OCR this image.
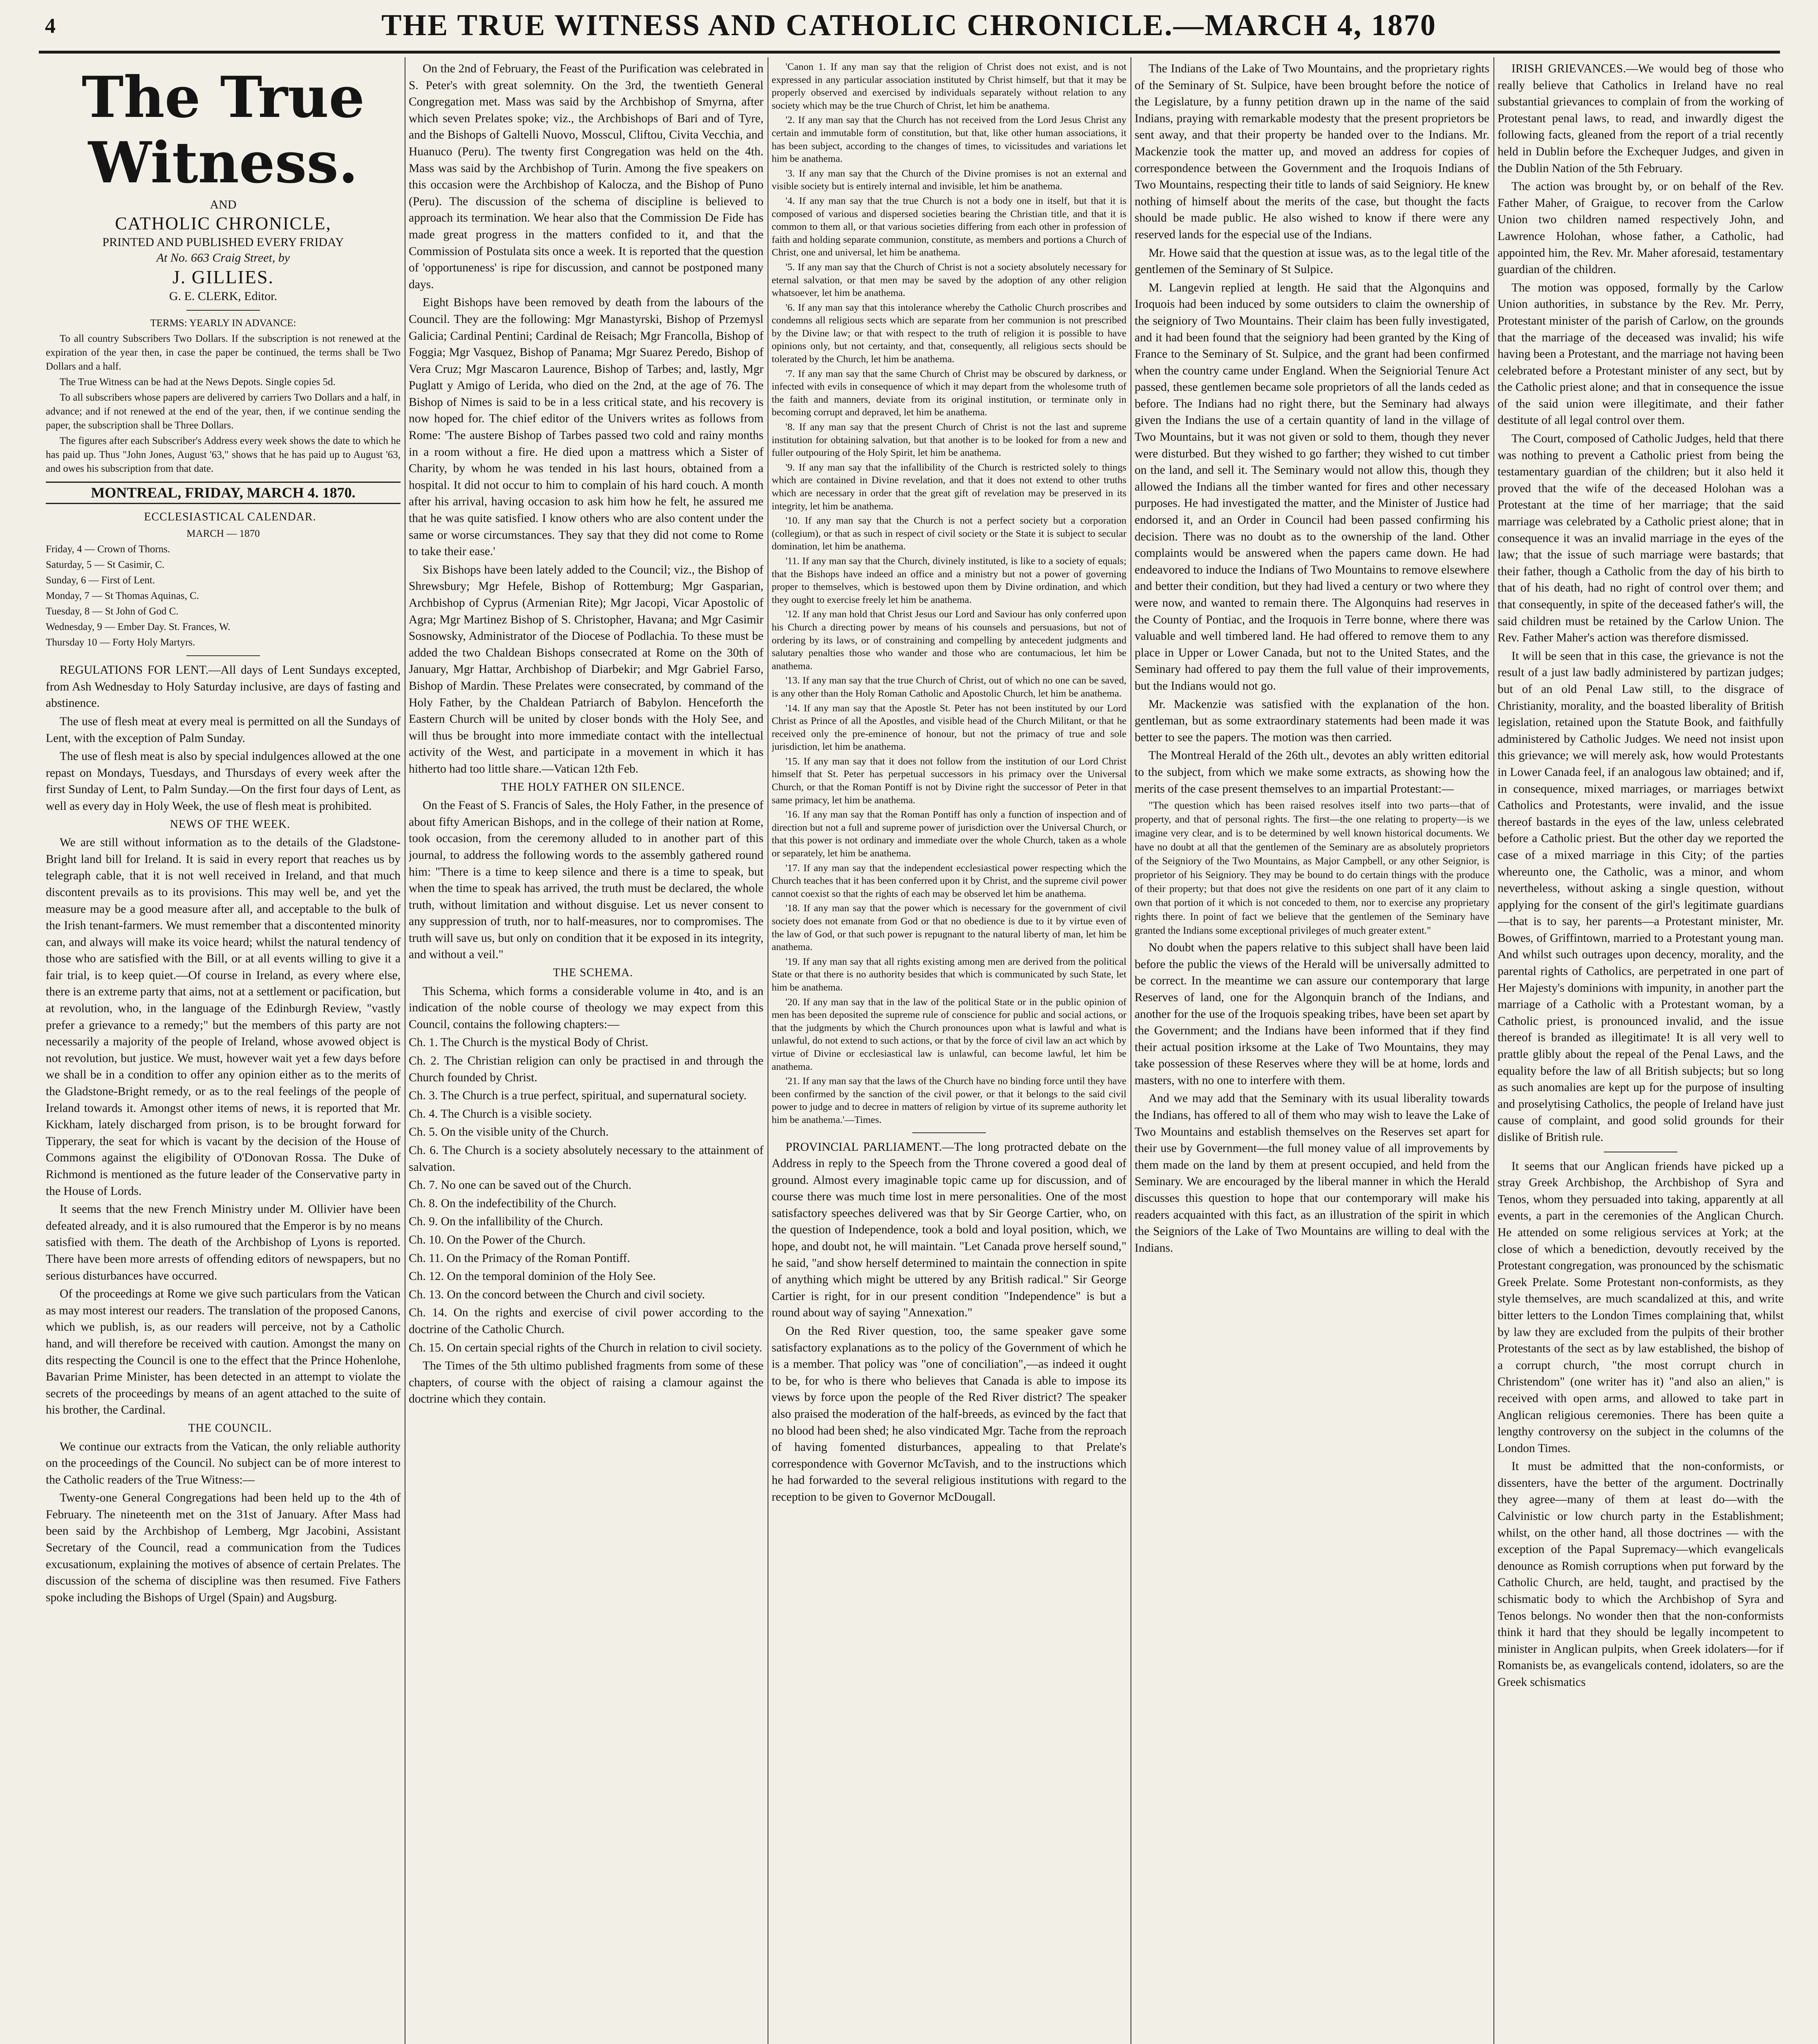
4	THE TRUE WITNESS AND CATHOLIC CHRONICLE.—MARCH 4, 1870
The True Witness.
AND
CATHOLIC CHRONICLE,
PRINTED AND PUBLISHED EVERY FRIDAY
At No. 663 Craig Street, by
J. GILLIES.
G. E. CLERK, Editor.

TERMS: YEARLY IN ADVANCE:

To all country Subscribers Two Dollars. If the subscription is not renewed at the expiration of the year then, in case the paper be continued, the terms shall be Two Dollars and a half.

The True Witness can be had at the News Depots. Single copies 5d.

To all subscribers whose papers are delivered by carriers Two Dollars and a half, in advance; and if not renewed at the end of the year, then, if we continue sending the paper, the subscription shall be Three Dollars.

The figures after each Subscriber's Address every week shows the date to which he has paid up. Thus "John Jones, August '63," shows that he has paid up to August '63, and owes his subscription from that date.

MONTREAL, FRIDAY, MARCH 4. 1870.

ECCLESIASTICAL CALENDAR.

MARCH — 1870

Friday, 4 — Crown of Thorns.

Saturday, 5 — St Casimir, C.

Sunday, 6 — First of Lent.

Monday, 7 — St Thomas Aquinas, C.

Tuesday, 8 — St John of God C.

Wednesday, 9 — Ember Day. St. Frances, W.

Thursday 10 — Forty Holy Martyrs.

REGULATIONS FOR LENT.—All days of Lent Sundays excepted, from Ash Wednesday to Holy Saturday inclusive, are days of fasting and abstinence.

The use of flesh meat at every meal is permitted on all the Sundays of Lent, with the exception of Palm Sunday.

The use of flesh meat is also by special indulgences allowed at the one repast on Mondays, Tuesdays, and Thursdays of every week after the first Sunday of Lent, to Palm Sunday.—On the first four days of Lent, as well as every day in Holy Week, the use of flesh meat is prohibited.

NEWS OF THE WEEK.

We are still without information as to the details of the Gladstone-Bright land bill for Ireland. It is said in every report that reaches us by telegraph cable, that it is not well received in Ireland, and that much discontent prevails as to its provisions. This may well be, and yet the measure may be a good measure after all, and acceptable to the bulk of the Irish tenant-farmers. We must remember that a discontented minority can, and always will make its voice heard; whilst the natural tendency of those who are satisfied with the Bill, or at all events willing to give it a fair trial, is to keep quiet.—Of course in Ireland, as every where else, there is an extreme party that aims, not at a settlement or pacification, but at revolution, who, in the language of the Edinburgh Review, "vastly prefer a grievance to a remedy;" but the members of this party are not necessarily a majority of the people of Ireland, whose avowed object is not revolution, but justice. We must, however wait yet a few days before we shall be in a condition to offer any opinion either as to the merits of the Gladstone-Bright remedy, or as to the real feelings of the people of Ireland towards it. Amongst other items of news, it is reported that Mr. Kickham, lately discharged from prison, is to be brought forward for Tipperary, the seat for which is vacant by the decision of the House of Commons against the eligibility of O'Donovan Rossa. The Duke of Richmond is mentioned as the future leader of the Conservative party in the House of Lords.

It seems that the new French Ministry under M. Ollivier have been defeated already, and it is also rumoured that the Emperor is by no means satisfied with them. The death of the Archbishop of Lyons is reported. There have been more arrests of offending editors of newspapers, but no serious disturbances have occurred.

Of the proceedings at Rome we give such particulars from the Vatican as may most interest our readers. The translation of the proposed Canons, which we publish, is, as our readers will perceive, not by a Catholic hand, and will therefore be received with caution. Amongst the many on dits respecting the Council is one to the effect that the Prince Hohenlohe, Bavarian Prime Minister, has been detected in an attempt to violate the secrets of the proceedings by means of an agent attached to the suite of his brother, the Cardinal.

THE COUNCIL.

We continue our extracts from the Vatican, the only reliable authority on the proceedings of the Council. No subject can be of more interest to the Catholic readers of the True Witness:—

Twenty-one General Congregations had been held up to the 4th of February. The nineteenth met on the 31st of January. After Mass had been said by the Archbishop of Lemberg, Mgr Jacobini, Assistant Secretary of the Council, read a communication from the Tudices excusationum, explaining the motives of absence of certain Prelates. The discussion of the schema of discipline was then resumed. Five Fathers spoke including the Bishops of Urgel (Spain) and Augsburg.

On the 2nd of February, the Feast of the Purification was celebrated in S. Peter's with great solemnity. On the 3rd, the twentieth General Congregation met. Mass was said by the Archbishop of Smyrna, after which seven Prelates spoke; viz., the Archbishops of Bari and of Tyre, and the Bishops of Galtelli Nuovo, Mosscul, Cliftou, Civita Vecchia, and Huanuco (Peru). The twenty first Congregation was held on the 4th. Mass was said by the Archbishop of Turin. Among the five speakers on this occasion were the Archbishop of Kalocza, and the Bishop of Puno (Peru). The discussion of the schema of discipline is believed to approach its termination. We hear also that the Commission De Fide has made great progress in the matters confided to it, and that the Commission of Postulata sits once a week. It is reported that the question of 'opportuneness' is ripe for discussion, and cannot be postponed many days.

Eight Bishops have been removed by death from the labours of the Council. They are the following: Mgr Manastyrski, Bishop of Przemysl Galicia; Cardinal Pentini; Cardinal de Reisach; Mgr Francolla, Bishop of Foggia; Mgr Vasquez, Bishop of Panama; Mgr Suarez Peredo, Bishop of Vera Cruz; Mgr Mascaron Laurence, Bishop of Tarbes; and, lastly, Mgr Puglatt y Amigo of Lerida, who died on the 2nd, at the age of 76. The Bishop of Nimes is said to be in a less critical state, and his recovery is now hoped for. The chief editor of the Univers writes as follows from Rome: 'The austere Bishop of Tarbes passed two cold and rainy months in a room without a fire. He died upon a mattress which a Sister of Charity, by whom he was tended in his last hours, obtained from a hospital. It did not occur to him to complain of his hard couch. A month after his arrival, having occasion to ask him how he felt, he assured me that he was quite satisfied. I know others who are also content under the same or worse circumstances. They say that they did not come to Rome to take their ease.'

Six Bishops have been lately added to the Council; viz., the Bishop of Shrewsbury; Mgr Hefele, Bishop of Rottemburg; Mgr Gasparian, Archbishop of Cyprus (Armenian Rite); Mgr Jacopi, Vicar Apostolic of Agra; Mgr Martinez Bishop of S. Christopher, Havana; and Mgr Casimir Sosnowsky, Administrator of the Diocese of Podlachia. To these must be added the two Chaldean Bishops consecrated at Rome on the 30th of January, Mgr Hattar, Archbishop of Diarbekir; and Mgr Gabriel Farso, Bishop of Mardin. These Prelates were consecrated, by command of the Holy Father, by the Chaldean Patriarch of Babylon. Henceforth the Eastern Church will be united by closer bonds with the Holy See, and will thus be brought into more immediate contact with the intellectual activity of the West, and participate in a movement in which it has hitherto had too little share.—Vatican 12th Feb.

THE HOLY FATHER ON SILENCE.

On the Feast of S. Francis of Sales, the Holy Father, in the presence of about fifty American Bishops, and in the college of their nation at Rome, took occasion, from the ceremony alluded to in another part of this journal, to address the following words to the assembly gathered round him: "There is a time to keep silence and there is a time to speak, but when the time to speak has arrived, the truth must be declared, the whole truth, without limitation and without disguise. Let us never consent to any suppression of truth, nor to half-measures, nor to compromises. The truth will save us, but only on condition that it be exposed in its integrity, and without a veil."

THE SCHEMA.

This Schema, which forms a considerable volume in 4to, and is an indication of the noble course of theology we may expect from this Council, contains the following chapters:—

Ch. 1. The Church is the mystical Body of Christ.

Ch. 2. The Christian religion can only be practised in and through the Church founded by Christ.

Ch. 3. The Church is a true perfect, spiritual, and supernatural society.

Ch. 4. The Church is a visible society.

Ch. 5. On the visible unity of the Church.

Ch. 6. The Church is a society absolutely necessary to the attainment of salvation.

Ch. 7. No one can be saved out of the Church.

Ch. 8. On the indefectibility of the Church.

Ch. 9. On the infallibility of the Church.

Ch. 10. On the Power of the Church.

Ch. 11. On the Primacy of the Roman Pontiff.

Ch. 12. On the temporal dominion of the Holy See.

Ch. 13. On the concord between the Church and civil society.

Ch. 14. On the rights and exercise of civil power according to the doctrine of the Catholic Church.

Ch. 15. On certain special rights of the Church in relation to civil society.

The Times of the 5th ultimo published fragments from some of these chapters, of course with the object of raising a clamour against the doctrine which they contain.

'Canon 1. If any man say that the religion of Christ does not exist, and is not expressed in any particular association instituted by Christ himself, but that it may be properly observed and exercised by individuals separately without relation to any society which may be the true Church of Christ, let him be anathema.

'2. If any man say that the Church has not received from the Lord Jesus Christ any certain and immutable form of constitution, but that, like other human associations, it has been subject, according to the changes of times, to vicissitudes and variations let him be anathema.

'3. If any man say that the Church of the Divine promises is not an external and visible society but is entirely internal and invisible, let him be anathema.

'4. If any man say that the true Church is not a body one in itself, but that it is composed of various and dispersed societies bearing the Christian title, and that it is common to them all, or that various societies differing from each other in profession of faith and holding separate communion, constitute, as members and portions a Church of Christ, one and universal, let him be anathema.

'5. If any man say that the Church of Christ is not a society absolutely necessary for eternal salvation, or that men may be saved by the adoption of any other religion whatsoever, let him be anathema.

'6. If any man say that this intolerance whereby the Catholic Church proscribes and condemns all religious sects which are separate from her communion is not prescribed by the Divine law; or that with respect to the truth of religion it is possible to have opinions only, but not certainty, and that, consequently, all religious sects should be tolerated by the Church, let him be anathema.

'7. If any man say that the same Church of Christ may be obscured by darkness, or infected with evils in consequence of which it may depart from the wholesome truth of the faith and manners, deviate from its original institution, or terminate only in becoming corrupt and depraved, let him be anathema.

'8. If any man say that the present Church of Christ is not the last and supreme institution for obtaining salvation, but that another is to be looked for from a new and fuller outpouring of the Holy Spirit, let him be anathema.

'9. If any man say that the infallibility of the Church is restricted solely to things which are contained in Divine revelation, and that it does not extend to other truths which are necessary in order that the great gift of revelation may be preserved in its integrity, let him be anathema.

'10. If any man say that the Church is not a perfect society but a corporation (collegium), or that as such in respect of civil society or the State it is subject to secular domination, let him be anathema.

'11. If any man say that the Church, divinely instituted, is like to a society of equals; that the Bishops have indeed an office and a ministry but not a power of governing proper to themselves, which is bestowed upon them by Divine ordination, and which they ought to exercise freely let him be anathema.

'12. If any man hold that Christ Jesus our Lord and Saviour has only conferred upon his Church a directing power by means of his counsels and persuasions, but not of ordering by its laws, or of constraining and compelling by antecedent judgments and salutary penalties those who wander and those who are contumacious, let him be anathema.

'13. If any man say that the true Church of Christ, out of which no one can be saved, is any other than the Holy Roman Catholic and Apostolic Church, let him be anathema.

'14. If any man say that the Apostle St. Peter has not been instituted by our Lord Christ as Prince of all the Apostles, and visible head of the Church Militant, or that he received only the pre-eminence of honour, but not the primacy of true and sole jurisdiction, let him be anathema.

'15. If any man say that it does not follow from the institution of our Lord Christ himself that St. Peter has perpetual successors in his primacy over the Universal Church, or that the Roman Pontiff is not by Divine right the successor of Peter in that same primacy, let him be anathema.

'16. If any man say that the Roman Pontiff has only a function of inspection and of direction but not a full and supreme power of jurisdiction over the Universal Church, or that this power is not ordinary and immediate over the whole Church, taken as a whole or separately, let him be anathema.

'17. If any man say that the independent ecclesiastical power respecting which the Church teaches that it has been conferred upon it by Christ, and the supreme civil power cannot coexist so that the rights of each may be observed let him be anathema.

'18. If any man say that the power which is necessary for the government of civil society does not emanate from God or that no obedience is due to it by virtue even of the law of God, or that such power is repugnant to the natural liberty of man, let him be anathema.

'19. If any man say that all rights existing among men are derived from the political State or that there is no authority besides that which is communicated by such State, let him be anathema.

'20. If any man say that in the law of the political State or in the public opinion of men has been deposited the supreme rule of conscience for public and social actions, or that the judgments by which the Church pronounces upon what is lawful and what is unlawful, do not extend to such actions, or that by the force of civil law an act which by virtue of Divine or ecclesiastical law is unlawful, can become lawful, let him be anathema.

'21. If any man say that the laws of the Church have no binding force until they have been confirmed by the sanction of the civil power, or that it belongs to the said civil power to judge and to decree in matters of religion by virtue of its supreme authority let him be anathema.'—Times.

PROVINCIAL PARLIAMENT.—The long protracted debate on the Address in reply to the Speech from the Throne covered a good deal of ground. Almost every imaginable topic came up for discussion, and of course there was much time lost in mere personalities. One of the most satisfactory speeches delivered was that by Sir George Cartier, who, on the question of Independence, took a bold and loyal position, which, we hope, and doubt not, he will maintain. "Let Canada prove herself sound," he said, "and show herself determined to maintain the connection in spite of anything which might be uttered by any British radical." Sir George Cartier is right, for in our present condition "Independence" is but a round about way of saying "Annexation."

On the Red River question, too, the same speaker gave some satisfactory explanations as to the policy of the Government of which he is a member. That policy was "one of conciliation",—as indeed it ought to be, for who is there who believes that Canada is able to impose its views by force upon the people of the Red River district? The speaker also praised the moderation of the half-breeds, as evinced by the fact that no blood had been shed; he also vindicated Mgr. Tache from the reproach of having fomented disturbances, appealing to that Prelate's correspondence with Governor McTavish, and to the instructions which he had forwarded to the several religious institutions with regard to the reception to be given to Governor McDougall.

The Indians of the Lake of Two Mountains, and the proprietary rights of the Seminary of St. Sulpice, have been brought before the notice of the Legislature, by a funny petition drawn up in the name of the said Indians, praying with remarkable modesty that the present proprietors be sent away, and that their property be handed over to the Indians. Mr. Mackenzie took the matter up, and moved an address for copies of correspondence between the Government and the Iroquois Indians of Two Mountains, respecting their title to lands of said Seigniory. He knew nothing of himself about the merits of the case, but thought the facts should be made public. He also wished to know if there were any reserved lands for the especial use of the Indians.

Mr. Howe said that the question at issue was, as to the legal title of the gentlemen of the Seminary of St Sulpice.

M. Langevin replied at length. He said that the Algonquins and Iroquois had been induced by some outsiders to claim the ownership of the seigniory of Two Mountains. Their claim has been fully investigated, and it had been found that the seigniory had been granted by the King of France to the Seminary of St. Sulpice, and the grant had been confirmed when the country came under England. When the Seigniorial Tenure Act passed, these gentlemen became sole proprietors of all the lands ceded as before. The Indians had no right there, but the Seminary had always given the Indians the use of a certain quantity of land in the village of Two Mountains, but it was not given or sold to them, though they never were disturbed. But they wished to go farther; they wished to cut timber on the land, and sell it. The Seminary would not allow this, though they allowed the Indians all the timber wanted for fires and other necessary purposes. He had investigated the matter, and the Minister of Justice had endorsed it, and an Order in Council had been passed confirming his decision. There was no doubt as to the ownership of the land. Other complaints would be answered when the papers came down. He had endeavored to induce the Indians of Two Mountains to remove elsewhere and better their condition, but they had lived a century or two where they were now, and wanted to remain there. The Algonquins had reserves in the County of Pontiac, and the Iroquois in Terre bonne, where there was valuable and well timbered land. He had offered to remove them to any place in Upper or Lower Canada, but not to the United States, and the Seminary had offered to pay them the full value of their improvements, but the Indians would not go.

Mr. Mackenzie was satisfied with the explanation of the hon. gentleman, but as some extraordinary statements had been made it was better to see the papers. The motion was then carried.

The Montreal Herald of the 26th ult., devotes an ably written editorial to the subject, from which we make some extracts, as showing how the merits of the case present themselves to an impartial Protestant:—

"The question which has been raised resolves itself into two parts—that of property, and that of personal rights. The first—the one relating to property—is we imagine very clear, and is to be determined by well known historical documents. We have no doubt at all that the gentlemen of the Seminary are as absolutely proprietors of the Seigniory of the Two Mountains, as Major Campbell, or any other Seignior, is proprietor of his Seigniory. They may be bound to do certain things with the produce of their property; but that does not give the residents on one part of it any claim to own that portion of it which is not conceded to them, nor to exercise any proprietary rights there. In point of fact we believe that the gentlemen of the Seminary have granted the Indians some exceptional privileges of much greater extent."

No doubt when the papers relative to this subject shall have been laid before the public the views of the Herald will be universally admitted to be correct. In the meantime we can assure our contemporary that large Reserves of land, one for the Algonquin branch of the Indians, and another for the use of the Iroquois speaking tribes, have been set apart by the Government; and the Indians have been informed that if they find their actual position irksome at the Lake of Two Mountains, they may take possession of these Reserves where they will be at home, lords and masters, with no one to interfere with them.

And we may add that the Seminary with its usual liberality towards the Indians, has offered to all of them who may wish to leave the Lake of Two Mountains and establish themselves on the Reserves set apart for their use by Government—the full money value of all improvements by them made on the land by them at present occupied, and held from the Seminary. We are encouraged by the liberal manner in which the Herald discusses this question to hope that our contemporary will make his readers acquainted with this fact, as an illustration of the spirit in which the Seigniors of the Lake of Two Mountains are willing to deal with the Indians.

IRISH GRIEVANCES.—We would beg of those who really believe that Catholics in Ireland have no real substantial grievances to complain of from the working of Protestant penal laws, to read, and inwardly digest the following facts, gleaned from the report of a trial recently held in Dublin before the Exchequer Judges, and given in the Dublin Nation of the 5th February.

The action was brought by, or on behalf of the Rev. Father Maher, of Graigue, to recover from the Carlow Union two children named respectively John, and Lawrence Holohan, whose father, a Catholic, had appointed him, the Rev. Mr. Maher aforesaid, testamentary guardian of the children.

The motion was opposed, formally by the Carlow Union authorities, in substance by the Rev. Mr. Perry, Protestant minister of the parish of Carlow, on the grounds that the marriage of the deceased was invalid; his wife having been a Protestant, and the marriage not having been celebrated before a Protestant minister of any sect, but by the Catholic priest alone; and that in consequence the issue of the said union were illegitimate, and their father destitute of all legal control over them.

The Court, composed of Catholic Judges, held that there was nothing to prevent a Catholic priest from being the testamentary guardian of the children; but it also held it proved that the wife of the deceased Holohan was a Protestant at the time of her marriage; that the said marriage was celebrated by a Catholic priest alone; that in consequence it was an invalid marriage in the eyes of the law; that the issue of such marriage were bastards; that their father, though a Catholic from the day of his birth to that of his death, had no right of control over them; and that consequently, in spite of the deceased father's will, the said children must be retained by the Carlow Union. The Rev. Father Maher's action was therefore dismissed.

It will be seen that in this case, the grievance is not the result of a just law badly administered by partizan judges; but of an old Penal Law still, to the disgrace of Christianity, morality, and the boasted liberality of British legislation, retained upon the Statute Book, and faithfully administered by Catholic Judges. We need not insist upon this grievance; we will merely ask, how would Protestants in Lower Canada feel, if an analogous law obtained; and if, in consequence, mixed marriages, or marriages betwixt Catholics and Protestants, were invalid, and the issue thereof bastards in the eyes of the law, unless celebrated before a Catholic priest. But the other day we reported the case of a mixed marriage in this City; of the parties whereunto one, the Catholic, was a minor, and whom nevertheless, without asking a single question, without applying for the consent of the girl's legitimate guardians—that is to say, her parents—a Protestant minister, Mr. Bowes, of Griffintown, married to a Protestant young man. And whilst such outrages upon decency, morality, and the parental rights of Catholics, are perpetrated in one part of Her Majesty's dominions with impunity, in another part the marriage of a Catholic with a Protestant woman, by a Catholic priest, is pronounced invalid, and the issue thereof is branded as illegitimate! It is all very well to prattle glibly about the repeal of the Penal Laws, and the equality before the law of all British subjects; but so long as such anomalies are kept up for the purpose of insulting and proselytising Catholics, the people of Ireland have just cause of complaint, and good solid grounds for their dislike of British rule.

It seems that our Anglican friends have picked up a stray Greek Archbishop, the Archbishop of Syra and Tenos, whom they persuaded into taking, apparently at all events, a part in the ceremonies of the Anglican Church. He attended on some religious services at York; at the close of which a benediction, devoutly received by the Protestant congregation, was pronounced by the schismatic Greek Prelate. Some Protestant non-conformists, as they style themselves, are much scandalized at this, and write bitter letters to the London Times complaining that, whilst by law they are excluded from the pulpits of their brother Protestants of the sect as by law established, the bishop of a corrupt church, "the most corrupt church in Christendom" (one writer has it) "and also an alien," is received with open arms, and allowed to take part in Anglican religious ceremonies. There has been quite a lengthy controversy on the subject in the columns of the London Times.

It must be admitted that the non-conformists, or dissenters, have the better of the argument. Doctrinally they agree—many of them at least do—with the Calvinistic or low church party in the Establishment; whilst, on the other hand, all those doctrines — with the exception of the Papal Supremacy—which evangelicals denounce as Romish corruptions when put forward by the Catholic Church, are held, taught, and practised by the schismatic body to which the Archbishop of Syra and Tenos belongs. No wonder then that the non-conformists think it hard that they should be legally incompetent to minister in Anglican pulpits, when Greek idolaters—for if Romanists be, as evangelicals contend, idolaters, so are the Greek schismatics
